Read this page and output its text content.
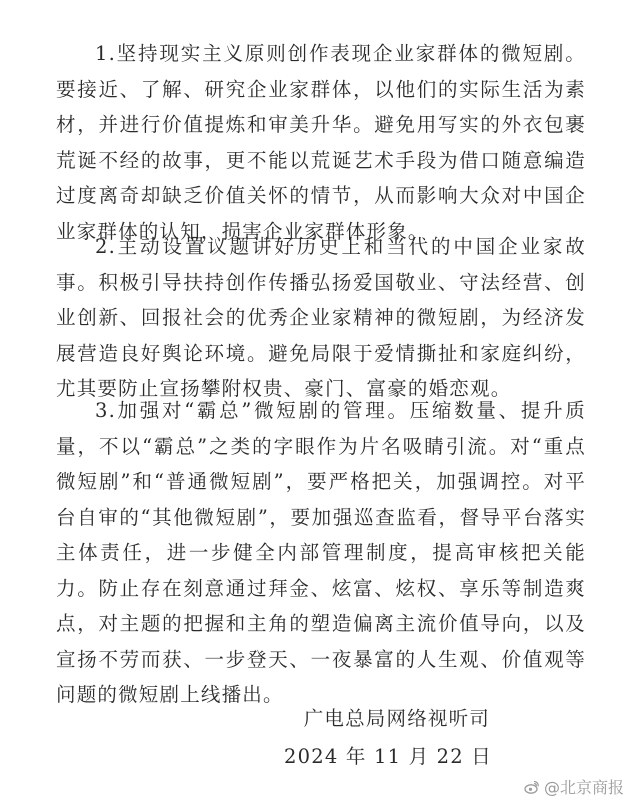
1.坚持现实主义原则创作表现企业家群体的微短剧。要接近、了解、研究企业家群体，以他们的实际生活为素材，并进行价值提炼和审美升华。避免用写实的外衣包裹荒诞不经的故事，更不能以荒诞艺术手段为借口随意编造过度离奇却缺乏价值关怀的情节，从而影响大众对中国企业家群体的认知，损害企业家群体形象。

2.主动设置议题讲好历史上和当代的中国企业家故事。积极引导扶持创作传播弘扬爱国敬业、守法经营、创业创新、回报社会的优秀企业家精神的微短剧，为经济发展营造良好舆论环境。避免局限于爱情撕扯和家庭纠纷，尤其要防止宣扬攀附权贵、豪门、富豪的婚恋观。

3.加强对“霸总”微短剧的管理。压缩数量、提升质量，不以“霸总”之类的字眼作为片名吸睛引流。对“重点微短剧”和“普通微短剧”，要严格把关，加强调控。对平台自审的“其他微短剧”，要加强巡查监看，督导平台落实主体责任，进一步健全内部管理制度，提高审核把关能力。防止存在刻意通过拜金、炫富、炫权、享乐等制造爽点，对主题的把握和主角的塑造偏离主流价值导向，以及宣扬不劳而获、一步登天、一夜暴富的人生观、价值观等问题的微短剧上线播出。

广电总局网络视听司

2024 年 11 月 22 日

@北京商报
